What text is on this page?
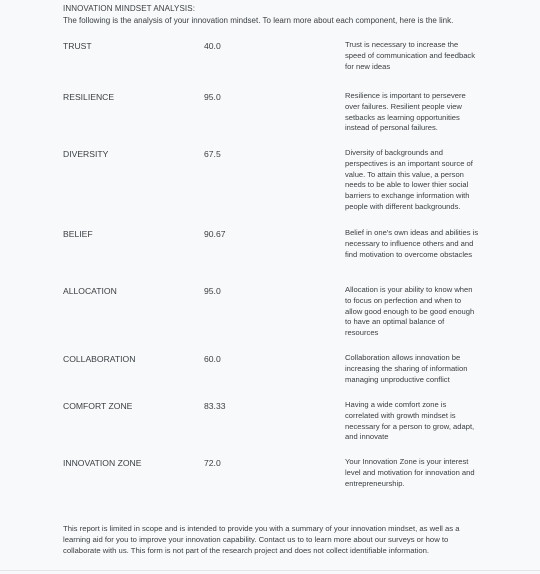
INNOVATION MINDSET ANALYSIS:
The following is the analysis of your innovation mindset. To learn more about each component, here is the link.
TRUST	40.0	Trust is necessary to increase the speed of communication and feedback for new ideas
RESILIENCE	95.0	Resilience is important to persevere over failures. Resilient people view setbacks as learning opportunities instead of personal failures.
DIVERSITY	67.5	Diversity of backgrounds and perspectives is an important source of value. To attain this value, a person needs to be able to lower thier social barriers to exchange information with people with different backgrounds.
BELIEF	90.67	Belief in one's own ideas and abilities is necessary to influence others and and find motivation to overcome obstacles
ALLOCATION	95.0	Allocation is your ability to know when to focus on perfection and when to allow good enough to be good enough to have an optimal balance of resources
COLLABORATION	60.0	Collaboration allows innovation be increasing the sharing of information managing unproductive conflict
COMFORT ZONE	83.33	Having a wide comfort zone is correlated with growth mindset is necessary for a person to grow, adapt, and innovate
INNOVATION ZONE	72.0	Your Innovation Zone is your interest level and motivation for innovation and entrepreneurship.
This report is limited in scope and is intended to provide you with a summary of your innovation mindset, as well as a learning aid for you to improve your innovation capability. Contact us to to learn more about our surveys or how to collaborate with us. This form is not part of the research project and does not collect identifiable information.
